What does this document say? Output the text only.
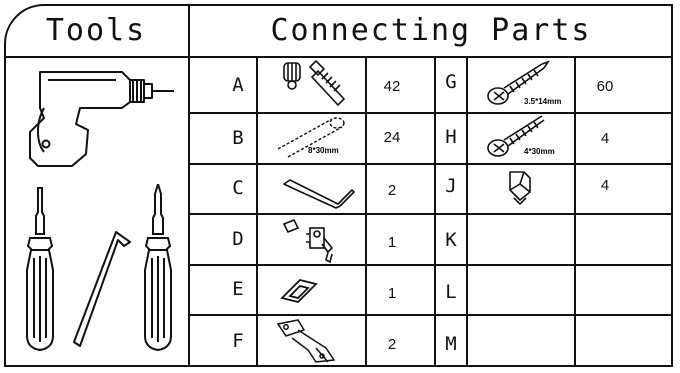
Tools	Connecting Parts
A
B
C
D
E
F
42
24
2
1
1
2
G
H
J
K
L
M
60
4
4
8*30mm
3.5*14mm
4*30mm
